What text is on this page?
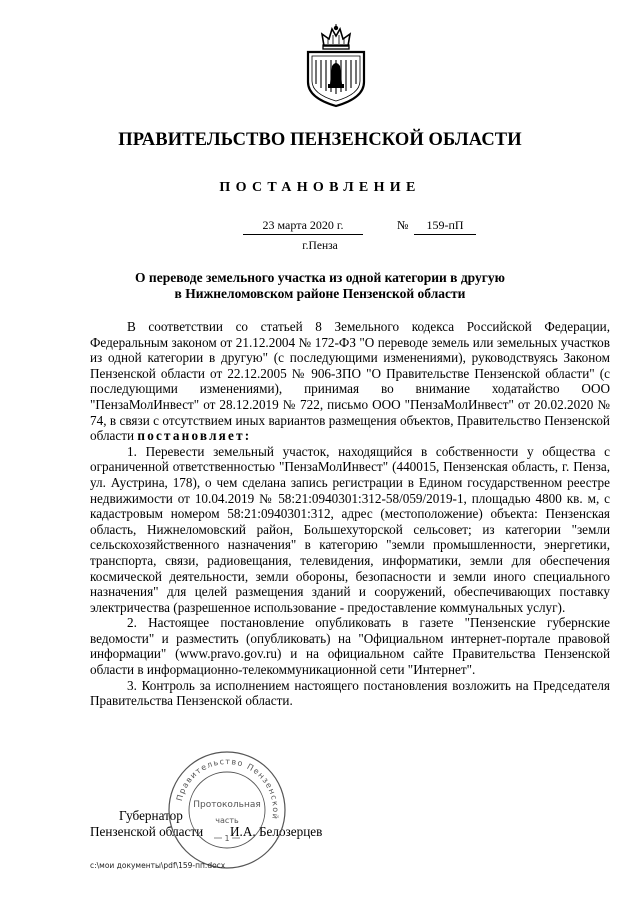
ПРАВИТЕЛЬСТВО ПЕНЗЕНСКОЙ ОБЛАСТИ
ПОСТАНОВЛЕНИЕ
23 марта 2020 г.	№	159-пП
г.Пенза
О переводе земельного участка из одной категории в другую
в Нижнеломовском районе Пензенской области

В соответствии со статьей 8 Земельного кодекса Российской Федерации, Федеральным законом от 21.12.2004 № 172-ФЗ "О переводе земель или земельных участков из одной категории в другую" (с последующими изменениями), руководствуясь Законом Пензенской области от 22.12.2005 № 906-ЗПО "О Правительстве Пензенской области" (с последующими изменениями), принимая во внимание ходатайство ООО "ПензаМолИнвест" от 28.12.2019 № 722, письмо ООО "ПензаМолИнвест" от 20.02.2020 № 74, в связи с отсутствием иных вариантов размещения объектов, Правительство Пензенской области постановляет:

1. Перевести земельный участок, находящийся в собственности у общества с ограниченной ответственностью "ПензаМолИнвест" (440015, Пензенская область, г. Пенза, ул. Аустрина, 178), о чем сделана запись регистрации в Едином государственном реестре недвижимости от 10.04.2019 № 58:21:0940301:312-58/059/2019-1, площадью 4800 кв. м, с кадастровым номером 58:21:0940301:312, адрес (местоположение) объекта: Пензенская область, Нижнеломовский район, Большехуторской сельсовет; из категории "земли сельскохозяйственного назначения" в категорию "земли промышленности, энергетики, транспорта, связи, радиовещания, телевидения, информатики, земли для обеспечения космической деятельности, земли обороны, безопасности и земли иного специального назначения" для целей размещения зданий и сооружений, обеспечивающих поставку электричества (разрешенное использование - предоставление коммунальных услуг).

2. Настоящее постановление опубликовать в газете "Пензенские губернские ведомости" и разместить (опубликовать) на "Официальном интернет-портале правовой информации" (www.pravo.gov.ru) и на официальном сайте Правительства Пензенской области в информационно-телекоммуникационной сети "Интернет".

3. Контроль за исполнением настоящего постановления возложить на Председателя Правительства Пензенской области.

Губернатор
Пензенской области И.А. Белозерцев
Правительство Пензенской
Протокольная
часть
1
c:\мои документы\pdf\159-пп.docx
